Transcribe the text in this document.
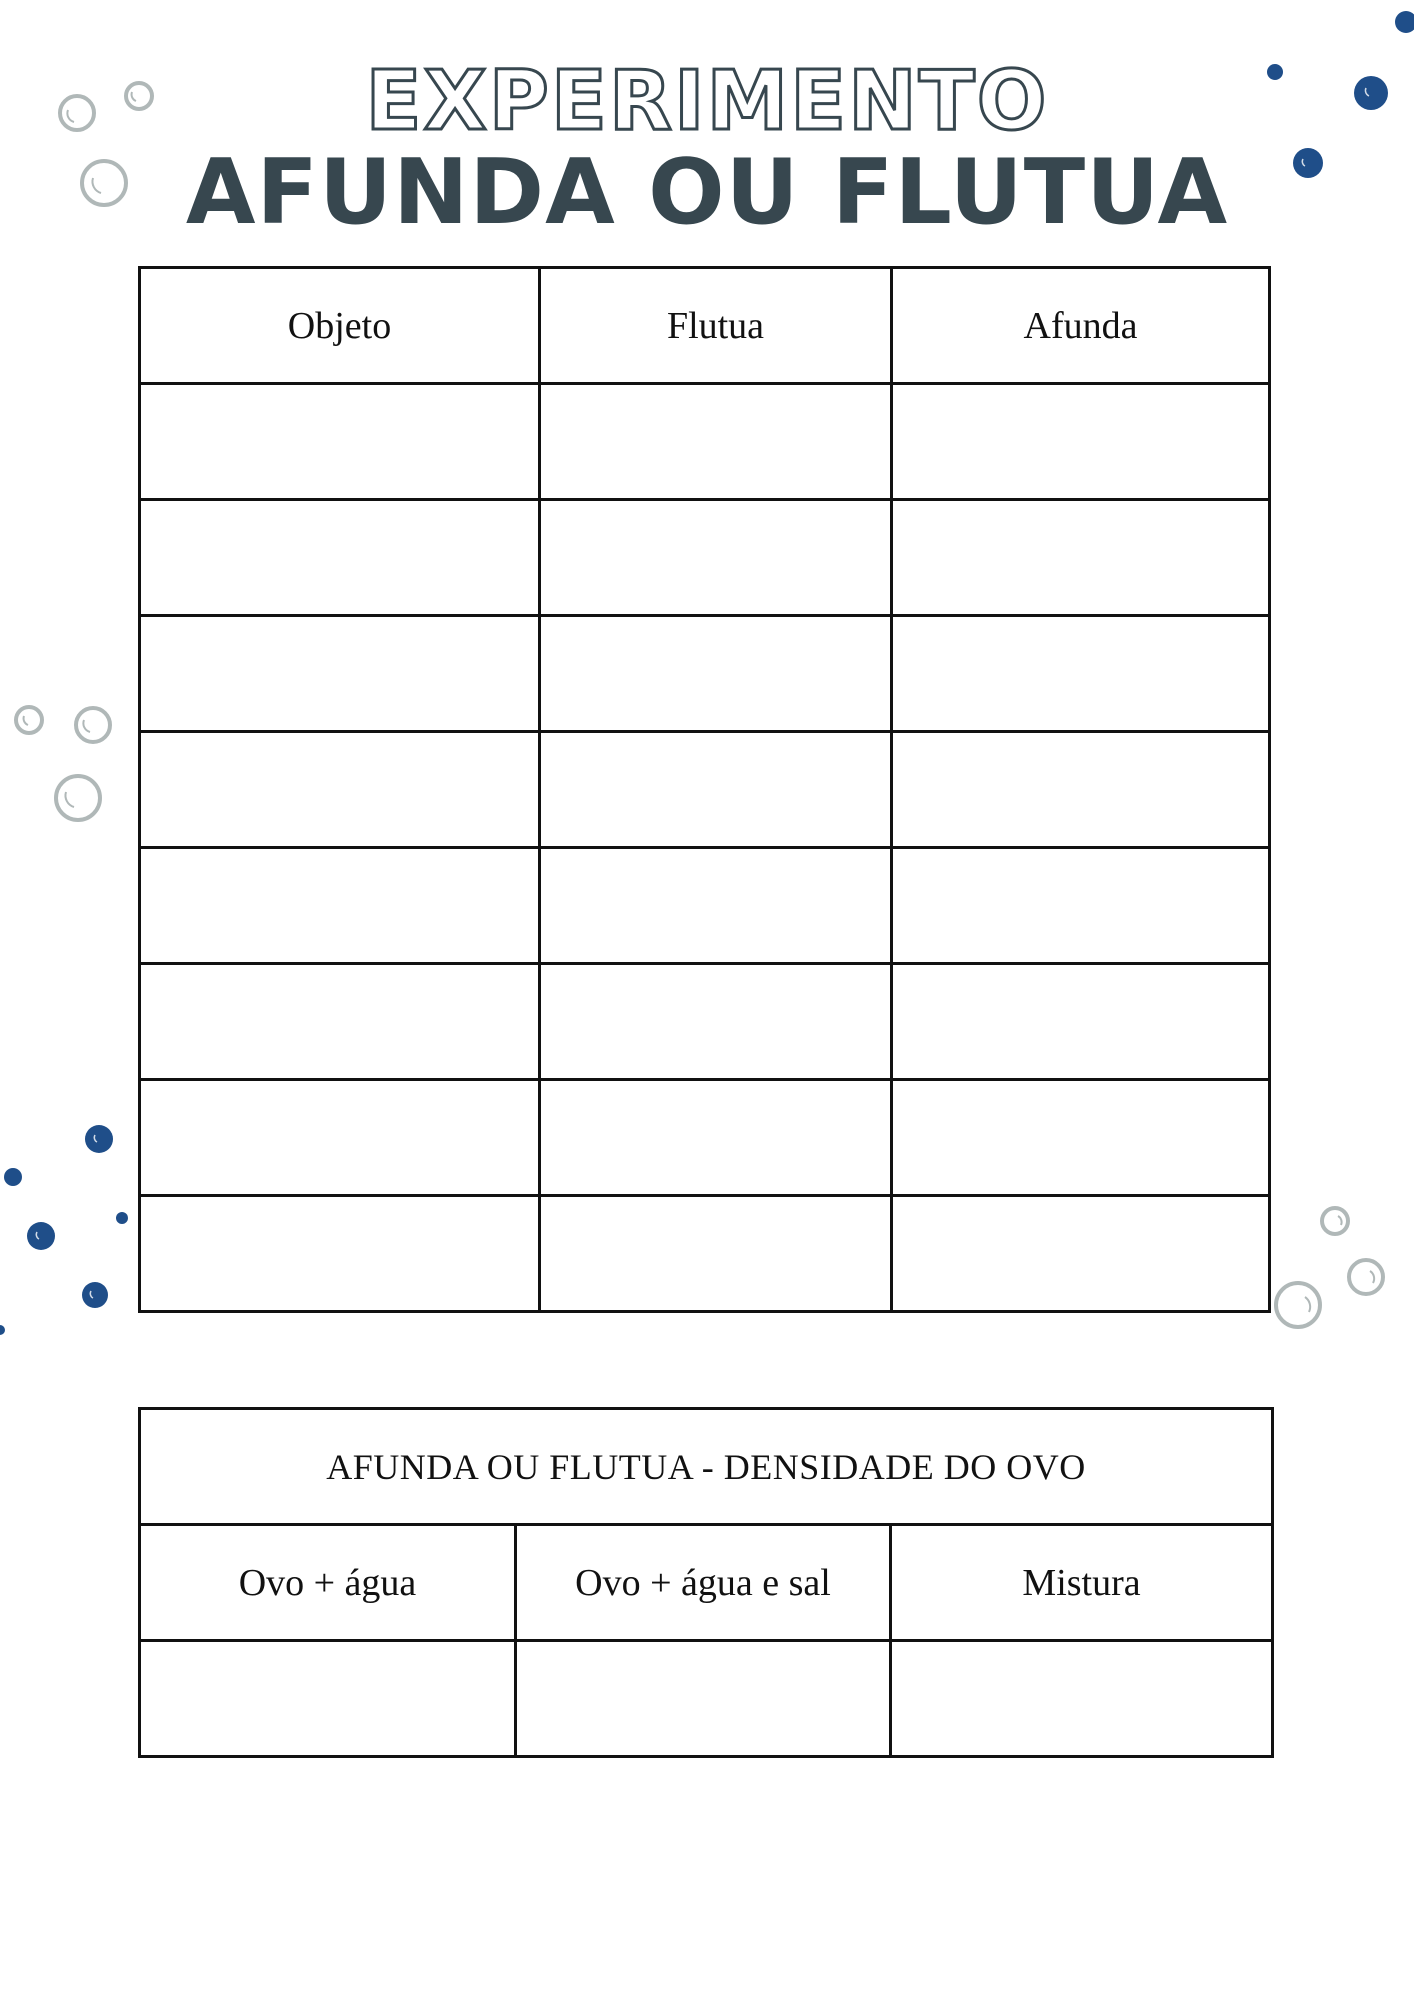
EXPERIMENTO
AFUNDA OU FLUTUA
Objeto	Flutua	Afunda

AFUNDA OU FLUTUA - DENSIDADE DO OVO		
Ovo + água	Ovo + água e sal	Mistura
